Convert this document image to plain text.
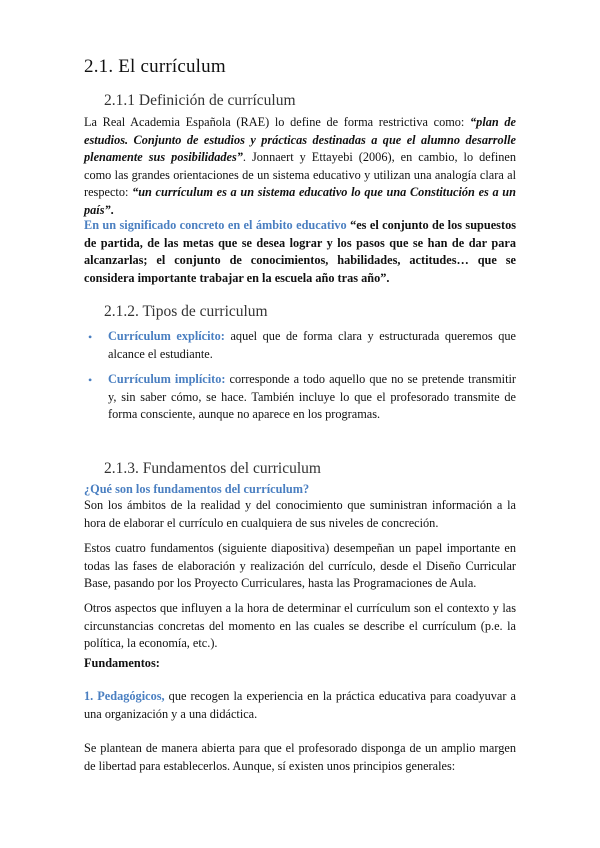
2.1. El currículum
2.1.1 Definición de currículum
La Real Academia Española (RAE) lo define de forma restrictiva como: “plan de estudios. Conjunto de estudios y prácticas destinadas a que el alumno desarrolle plenamente sus posibilidades”. Jonnaert y Ettayebi (2006), en cambio, lo definen como las grandes orientaciones de un sistema educativo y utilizan una analogía clara al respecto: “un currículum es a un sistema educativo lo que una Constitución es a un país”.
En un significado concreto en el ámbito educativo “es el conjunto de los supuestos de partida, de las metas que se desea lograr y los pasos que se han de dar para alcanzarlas; el conjunto de conocimientos, habilidades, actitudes… que se considera importante trabajar en la escuela año tras año”.
2.1.2. Tipos de curriculum
• Currículum explícito: aquel que de forma clara y estructurada queremos que alcance el estudiante.
• Currículum implícito: corresponde a todo aquello que no se pretende transmitir y, sin saber cómo, se hace. También incluye lo que el profesorado transmite de forma consciente, aunque no aparece en los programas.
2.1.3. Fundamentos del curriculum
¿Qué son los fundamentos del currículum?
Son los ámbitos de la realidad y del conocimiento que suministran información a la hora de elaborar el currículo en cualquiera de sus niveles de concreción.
Estos cuatro fundamentos (siguiente diapositiva) desempeñan un papel importante en todas las fases de elaboración y realización del currículo, desde el Diseño Curricular Base, pasando por los Proyecto Curriculares, hasta las Programaciones de Aula.
Otros aspectos que influyen a la hora de determinar el currículum son el contexto y las circunstancias concretas del momento en las cuales se describe el currículum (p.e. la política, la economía, etc.).
Fundamentos:
1. Pedagógicos, que recogen la experiencia en la práctica educativa para coadyuvar a una organización y a una didáctica.
Se plantean de manera abierta para que el profesorado disponga de un amplio margen de libertad para establecerlos. Aunque, sí existen unos principios generales:
